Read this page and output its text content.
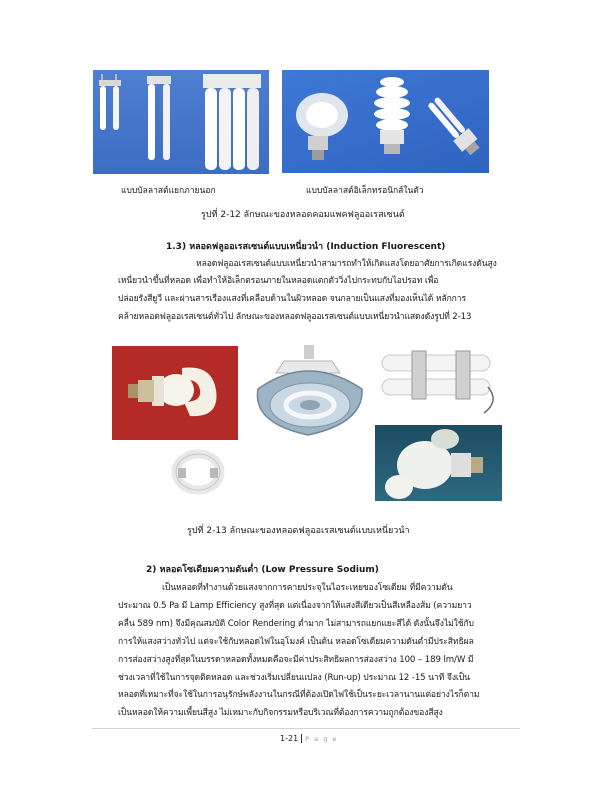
แบบบัลลาสต์แยกภายนอก	แบบบัลลาสต์อิเล็กทรอนิกส์ในตัว
รูปที่ 2-12 ลักษณะของหลอดคอมแพคฟลูออเรสเซนต์
1.3) หลอดฟลูออเรสเซนต์แบบเหนี่ยวนำ (Induction Fluorescent)
หลอดฟลูออเรสเซนต์แบบเหนี่ยวนำสามารถทำให้เกิดแสงโดยอาศัยการเกิดแรงดันสูง
เหนี่ยวนำขึ้นที่หลอด เพื่อทำให้อิเล็กตรอนภายในหลอดแตกตัววิ่งไปกระทบกับไอปรอท เพื่อ
ปล่อยรังสียูวี และผ่านสารเรืองแสงที่เคลือบด้านในผิวหลอด จนกลายเป็นแสงที่มองเห็นได้ หลักการ
คล้ายหลอดฟลูออเรสเซนต์ทั่วไป ลักษณะของหลอดฟลูออเรสเซนต์แบบเหนี่ยวนำแสดงดังรูปที่ 2-13
รูปที่ 2-13 ลักษณะของหลอดฟลูออเรสเซนต์แบบเหนี่ยวนำ
2) หลอดโซเดียมความดันต่ำ (Low Pressure Sodium)
เป็นหลอดที่ทำงานด้วยแสงจากการคายประจุในไอระเหยของโซเดียม ที่มีความดัน
ประมาณ 0.5 Pa มี Lamp Efficiency สูงที่สุด แต่เนื่องจากให้แสงสีเดียวเป็นสีเหลืองส้ม (ความยาว
คลื่น 589 nm) จึงมีคุณสมบัติ Color Rendering ต่ำมาก ไม่สามารถแยกแยะสีได้ ดังนั้นจึงไม่ใช้กับ
การให้แสงสว่างทั่วไป แต่จะใช้กับหลอดไฟในอุโมงค์ เป็นต้น หลอดโซเดียมความดันต่ำมีประสิทธิผล
การส่องสว่างสูงที่สุดในบรรดาหลอดทั้งหมดคือจะมีค่าประสิทธิผลการส่องสว่าง 100 – 189 lm/W มี
ช่วงเวลาที่ใช้ในการจุดติดหลอด และช่วงเริ่มเปลี่ยนแปลง (Run-up) ประมาณ 12 -15 นาที จึงเป็น
หลอดที่เหมาะที่จะใช้ในการอนุรักษ์พลังงานในกรณีที่ต้องเปิดไฟใช้เป็นระยะเวลานานแต่อย่างไรก็ตาม
เป็นหลอดให้ความเพี้ยนสีสูง ไม่เหมาะกับกิจกรรมหรือบริเวณที่ต้องการความถูกต้องของสีสูง
1-21 P a g e
